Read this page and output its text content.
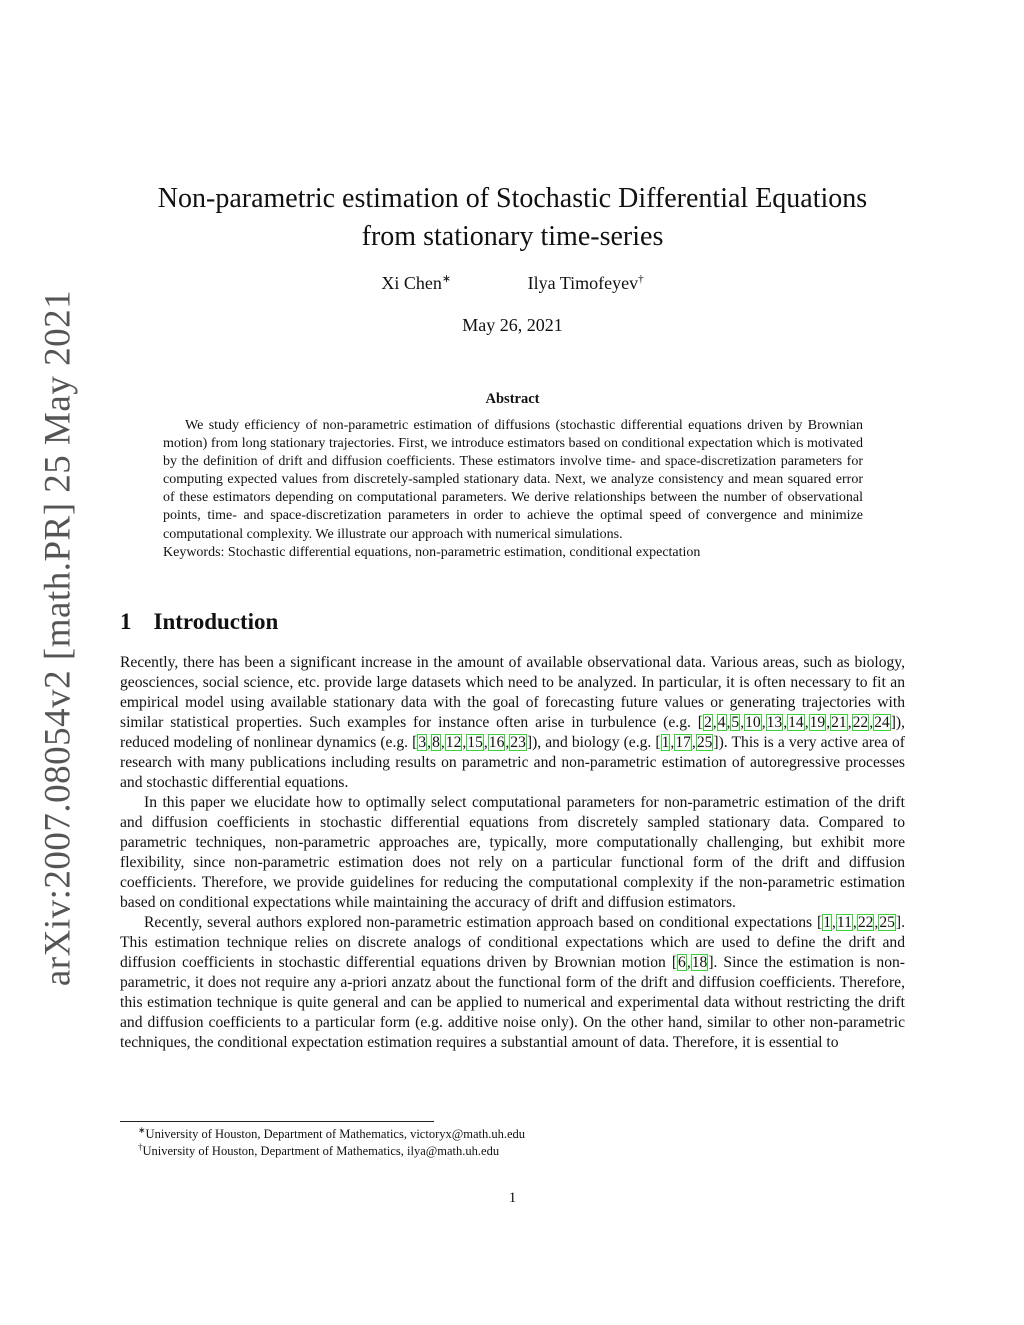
arXiv:2007.08054v2 [math.PR] 25 May 2021
Non-parametric estimation of Stochastic Differential Equations
from stationary time-series
Xi Chen∗	Ilya Timofeyev†
May 26, 2021
Abstract

We study efficiency of non-parametric estimation of diffusions (stochastic differential equations driven by Brownian motion) from long stationary trajectories. First, we introduce estimators based on conditional expectation which is motivated by the definition of drift and diffusion coefficients. These estimators involve time- and space-discretization parameters for computing expected values from discretely-sampled stationary data. Next, we analyze consistency and mean squared error of these estimators depending on computational parameters. We derive relationships between the number of observational points, time- and space-discretization parameters in order to achieve the optimal speed of convergence and minimize computational complexity. We illustrate our approach with numerical simulations.

Keywords: Stochastic differential equations, non-parametric estimation, conditional expectation

1 Introduction

Recently, there has been a significant increase in the amount of available observational data. Various areas, such as biology, geosciences, social science, etc. provide large datasets which need to be analyzed. In particular, it is often necessary to fit an empirical model using available stationary data with the goal of forecasting future values or generating trajectories with similar statistical properties. Such examples for instance often arise in turbulence (e.g. [2,4,5,10,13,14,19,21,22,24]), reduced modeling of nonlinear dynamics (e.g. [3,8,12,15,16,23]), and biology (e.g. [1,17,25]). This is a very active area of research with many publications including results on parametric and non-parametric estimation of autoregressive processes and stochastic differential equations.

In this paper we elucidate how to optimally select computational parameters for non-parametric estimation of the drift and diffusion coefficients in stochastic differential equations from discretely sampled stationary data. Compared to parametric techniques, non-parametric approaches are, typically, more computationally challenging, but exhibit more flexibility, since non-parametric estimation does not rely on a particular functional form of the drift and diffusion coefficients. Therefore, we provide guidelines for reducing the computational complexity if the non-parametric estimation based on conditional expectations while maintaining the accuracy of drift and diffusion estimators.

Recently, several authors explored non-parametric estimation approach based on conditional expectations [1,11,22,25]. This estimation technique relies on discrete analogs of conditional expectations which are used to define the drift and diffusion coefficients in stochastic differential equations driven by Brownian motion [6,18]. Since the estimation is non-parametric, it does not require any a-priori anzatz about the functional form of the drift and diffusion coefficients. Therefore, this estimation technique is quite general and can be applied to numerical and experimental data without restricting the drift and diffusion coefficients to a particular form (e.g. additive noise only). On the other hand, similar to other non-parametric techniques, the conditional expectation estimation requires a substantial amount of data. Therefore, it is essential to

∗University of Houston, Department of Mathematics, victoryx@math.uh.edu
†University of Houston, Department of Mathematics, ilya@math.uh.edu
1
